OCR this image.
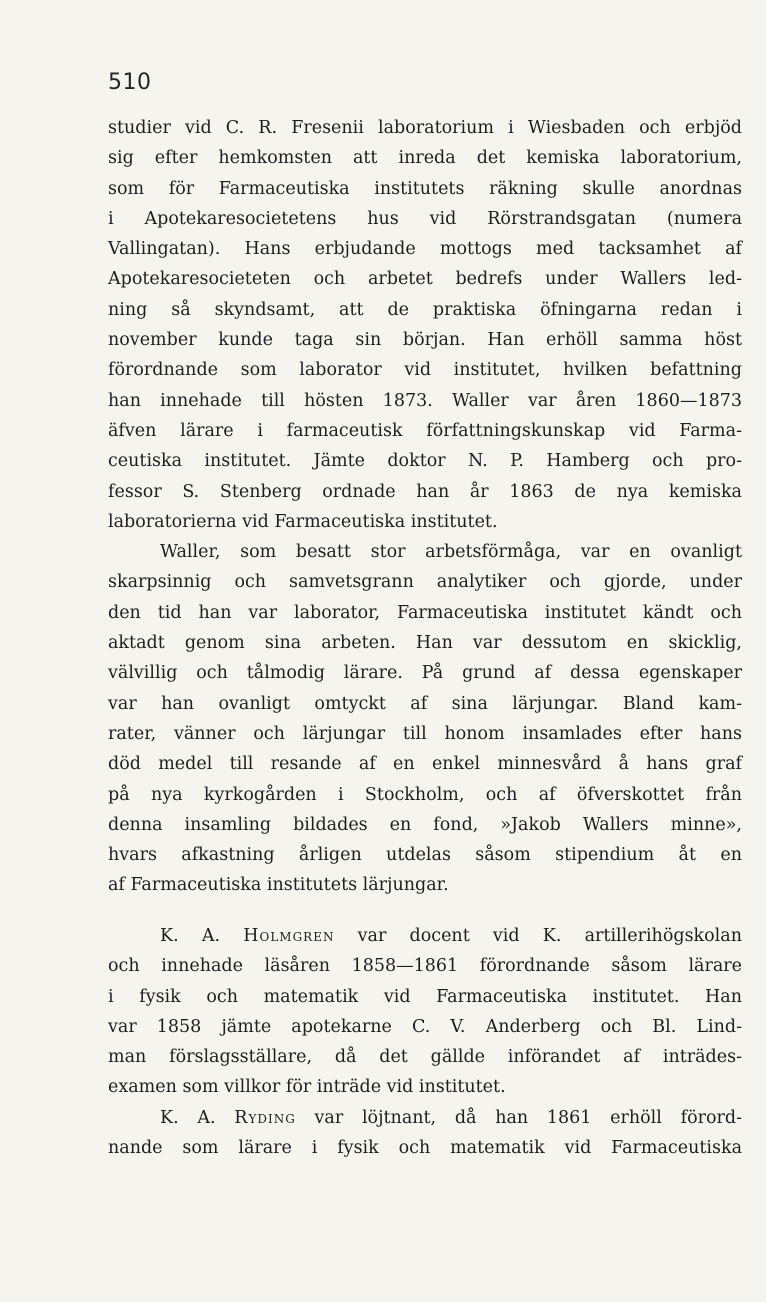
510
studier vid C. R. Fresenii laboratorium i Wiesbaden och erbjöd
sig efter hemkomsten att inreda det kemiska laboratorium,
som för Farmaceutiska institutets räkning skulle anordnas
i Apotekaresocietetens hus vid Rörstrandsgatan (numera
Vallingatan). Hans erbjudande mottogs med tacksamhet af
Apotekaresocieteten och arbetet bedrefs under Wallers led-
ning så skyndsamt, att de praktiska öfningarna redan i
november kunde taga sin början. Han erhöll samma höst
förordnande som laborator vid institutet, hvilken befattning
han innehade till hösten 1873. Waller var åren 1860—1873
äfven lärare i farmaceutisk författningskunskap vid Farma-
ceutiska institutet. Jämte doktor N. P. Hamberg och pro-
fessor S. Stenberg ordnade han år 1863 de nya kemiska
laboratorierna vid Farmaceutiska institutet.
Waller, som besatt stor arbetsförmåga, var en ovanligt
skarpsinnig och samvetsgrann analytiker och gjorde, under
den tid han var laborator, Farmaceutiska institutet kändt och
aktadt genom sina arbeten. Han var dessutom en skicklig,
välvillig och tålmodig lärare. På grund af dessa egenskaper
var han ovanligt omtyckt af sina lärjungar. Bland kam-
rater, vänner och lärjungar till honom insamlades efter hans
död medel till resande af en enkel minnesvård å hans graf
på nya kyrkogården i Stockholm, och af öfverskottet från
denna insamling bildades en fond, »Jakob Wallers minne»,
hvars afkastning årligen utdelas såsom stipendium åt en
af Farmaceutiska institutets lärjungar.
K. A. Holmgren var docent vid K. artillerihögskolan
och innehade läsåren 1858—1861 förordnande såsom lärare
i fysik och matematik vid Farmaceutiska institutet. Han
var 1858 jämte apotekarne C. V. Anderberg och Bl. Lind-
man förslagsställare, då det gällde införandet af inträdes-
examen som villkor för inträde vid institutet.
K. A. Ryding var löjtnant, då han 1861 erhöll förord-
nande som lärare i fysik och matematik vid Farmaceutiska
